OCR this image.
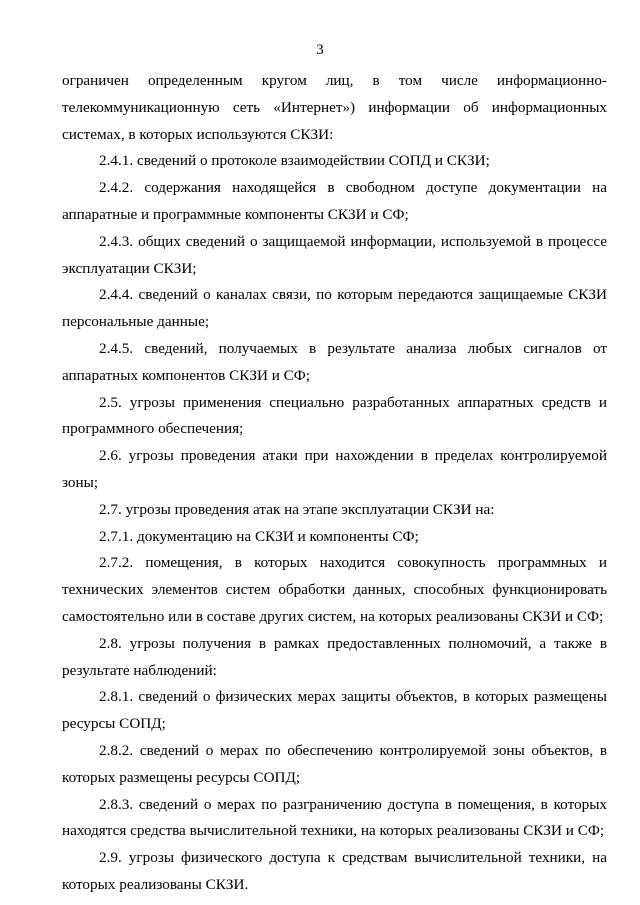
3

ограничен определенным кругом лиц, в том числе информационно-телекоммуникационную сеть «Интернет») информации об информационных системах, в которых используются СКЗИ:

2.4.1. сведений о протоколе взаимодействии СОПД и СКЗИ;

2.4.2. содержания находящейся в свободном доступе документации на аппаратные и программные компоненты СКЗИ и СФ;

2.4.3. общих сведений о защищаемой информации, используемой в процессе эксплуатации СКЗИ;

2.4.4. сведений о каналах связи, по которым передаются защищаемые СКЗИ персональные данные;

2.4.5. сведений, получаемых в результате анализа любых сигналов от аппаратных компонентов СКЗИ и СФ;

2.5. угрозы применения специально разработанных аппаратных средств и программного обеспечения;

2.6. угрозы проведения атаки при нахождении в пределах контролируемой зоны;

2.7. угрозы проведения атак на этапе эксплуатации СКЗИ на:

2.7.1. документацию на СКЗИ и компоненты СФ;

2.7.2. помещения, в которых находится совокупность программных и технических элементов систем обработки данных, способных функционировать самостоятельно или в составе других систем, на которых реализованы СКЗИ и СФ;

2.8. угрозы получения в рамках предоставленных полномочий, а также в результате наблюдений:

2.8.1. сведений о физических мерах защиты объектов, в которых размещены ресурсы СОПД;

2.8.2. сведений о мерах по обеспечению контролируемой зоны объектов, в которых размещены ресурсы СОПД;

2.8.3. сведений о мерах по разграничению доступа в помещения, в которых находятся средства вычислительной техники, на которых реализованы СКЗИ и СФ;

2.9. угрозы физического доступа к средствам вычислительной техники, на которых реализованы СКЗИ.
